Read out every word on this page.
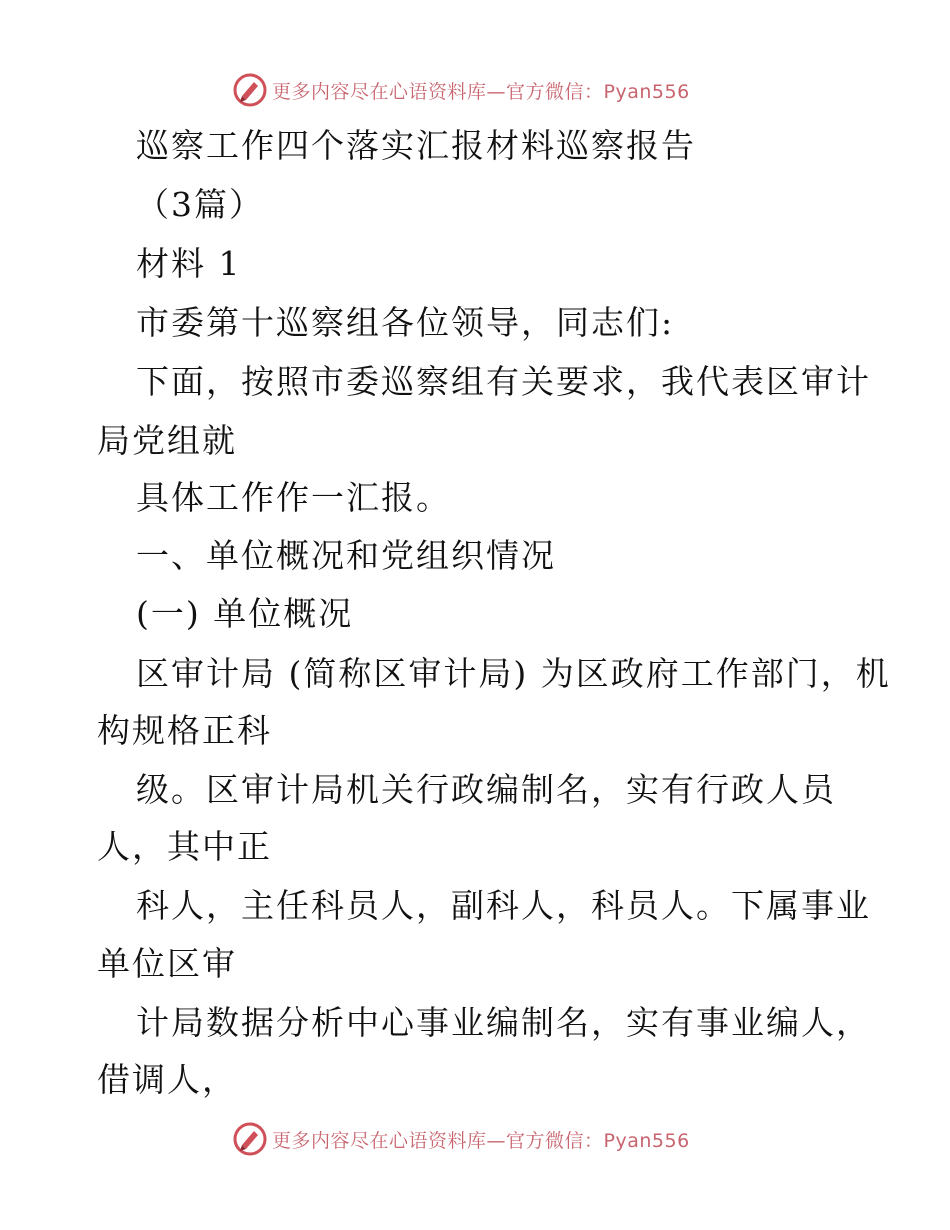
更多内容尽在心语资料库—官方微信：Pyan556

巡察工作四个落实汇报材料巡察报告

（3篇）

材料 1

市委第十巡察组各位领导，同志们:

下面，按照市委巡察组有关要求，我代表区审计

局党组就

具体工作作一汇报。

一、单位概况和党组织情况

(一) 单位概况

区审计局 (简称区审计局) 为区政府工作部门，机

构规格正科

级。区审计局机关行政编制名，实有行政人员

人，其中正

科人，主任科员人，副科人，科员人。下属事业

单位区审

计局数据分析中心事业编制名，实有事业编人，

借调人，

更多内容尽在心语资料库—官方微信：Pyan556
